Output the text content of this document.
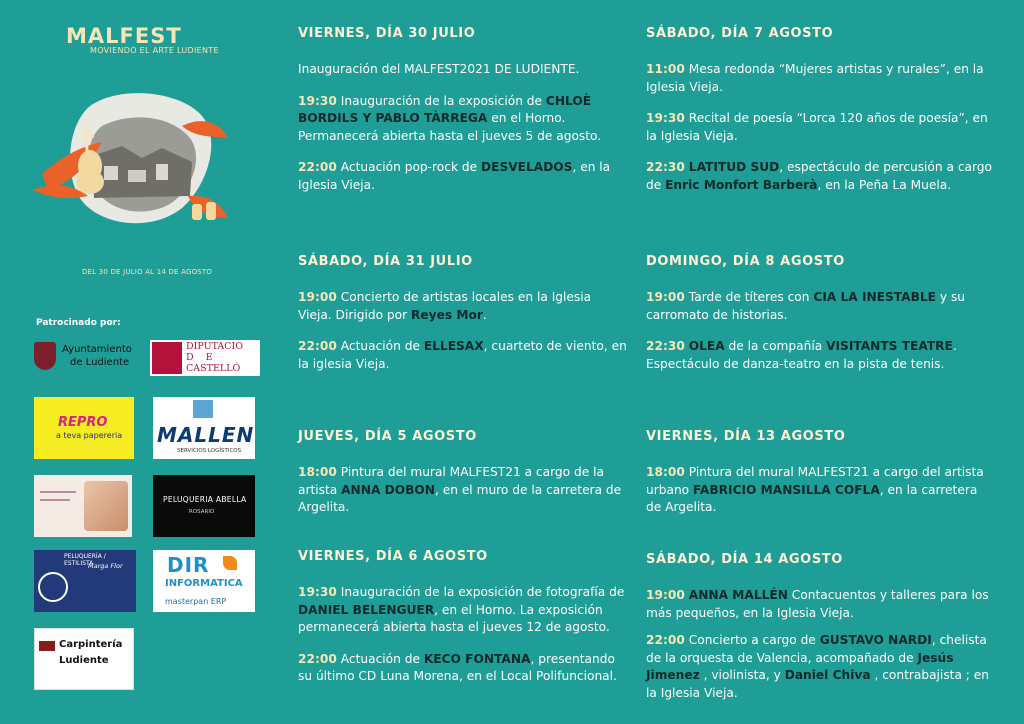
MALFEST
MOVIENDO EL ARTE LUDIENTE
DEL 30 DE JULIO AL 14 DE AGOSTO
Patrocinado por:
Ayuntamiento
de Ludiente
DIPUTACIO
D    E
CASTELLÓ
REPRO
a teva papereria MALLEN
SERVICIOS LOGÍSTICOS
PELUQUERIA ABELLA
ROSARIO
PELUQUERÍA / ESTILISTA
Marga Flor DIR
INFORMATICA
masterpan ERP
Carpintería
Ludiente
VIERNES, DÍA 30 JULIO
Inauguración del MALFEST2021 DE LUDIENTE.
19:30 Inauguración de la exposición de CHLOÈ BORDILS Y PABLO TÀRREGA en el Horno. Permanecerá abierta hasta el jueves 5 de agosto.
22:00 Actuación pop-rock de DESVELADOS, en la Iglesia Vieja.
SÁBADO, DÍA 31 JULIO
19:00 Concierto de artistas locales en la Iglesia Vieja. Dirigido por Reyes Mor.
22:00 Actuación de ELLESAX, cuarteto de viento, en la iglesia Vieja.
JUEVES, DÍA 5 AGOSTO
18:00 Pintura del mural MALFEST21 a cargo de la artista ANNA DOBON, en el muro de la carretera de Argelita.
VIERNES, DÍA 6 AGOSTO
19:30 Inauguración de la exposición de fotografía de DANIEL BELENGUER, en el Horno. La exposición permanecerá abierta hasta el jueves 12 de agosto.
22:00 Actuación de KECO FONTANA, presentando su último CD Luna Morena, en el Local Polifuncional.
SÁBADO, DÍA 7 AGOSTO
11:00 Mesa redonda “Mujeres artistas y rurales”, en la Iglesia Vieja.
19:30 Recital de poesía “Lorca 120 años de poesía”, en la Iglesia Vieja.
22:30 LATITUD SUD, espectáculo de percusión a cargo de Enric Monfort Barberà, en la Peña La Muela.
DOMINGO, DÍA 8 AGOSTO
19:00 Tarde de títeres con CIA LA INESTABLE y su carromato de historias.
22:30 OLEA de la compañía VISITANTS TEATRE. Espectáculo de danza-teatro en la pista de tenis.
VIERNES, DÍA 13 AGOSTO
18:00 Pintura del mural MALFEST21 a cargo del artista urbano FABRICIO MANSILLA COFLA, en la carretera de Argelita.
SÁBADO, DÍA 14 AGOSTO
19:00 ANNA MALLÉN Contacuentos y talleres para los más pequeños, en la Iglesia Vieja.
22:00 Concierto a cargo de GUSTAVO NARDI, chelista de la orquesta de Valencia, acompañado de Jesús Jimenez , violinista, y Daniel Chiva , contrabajista ; en la Iglesia Vieja.
